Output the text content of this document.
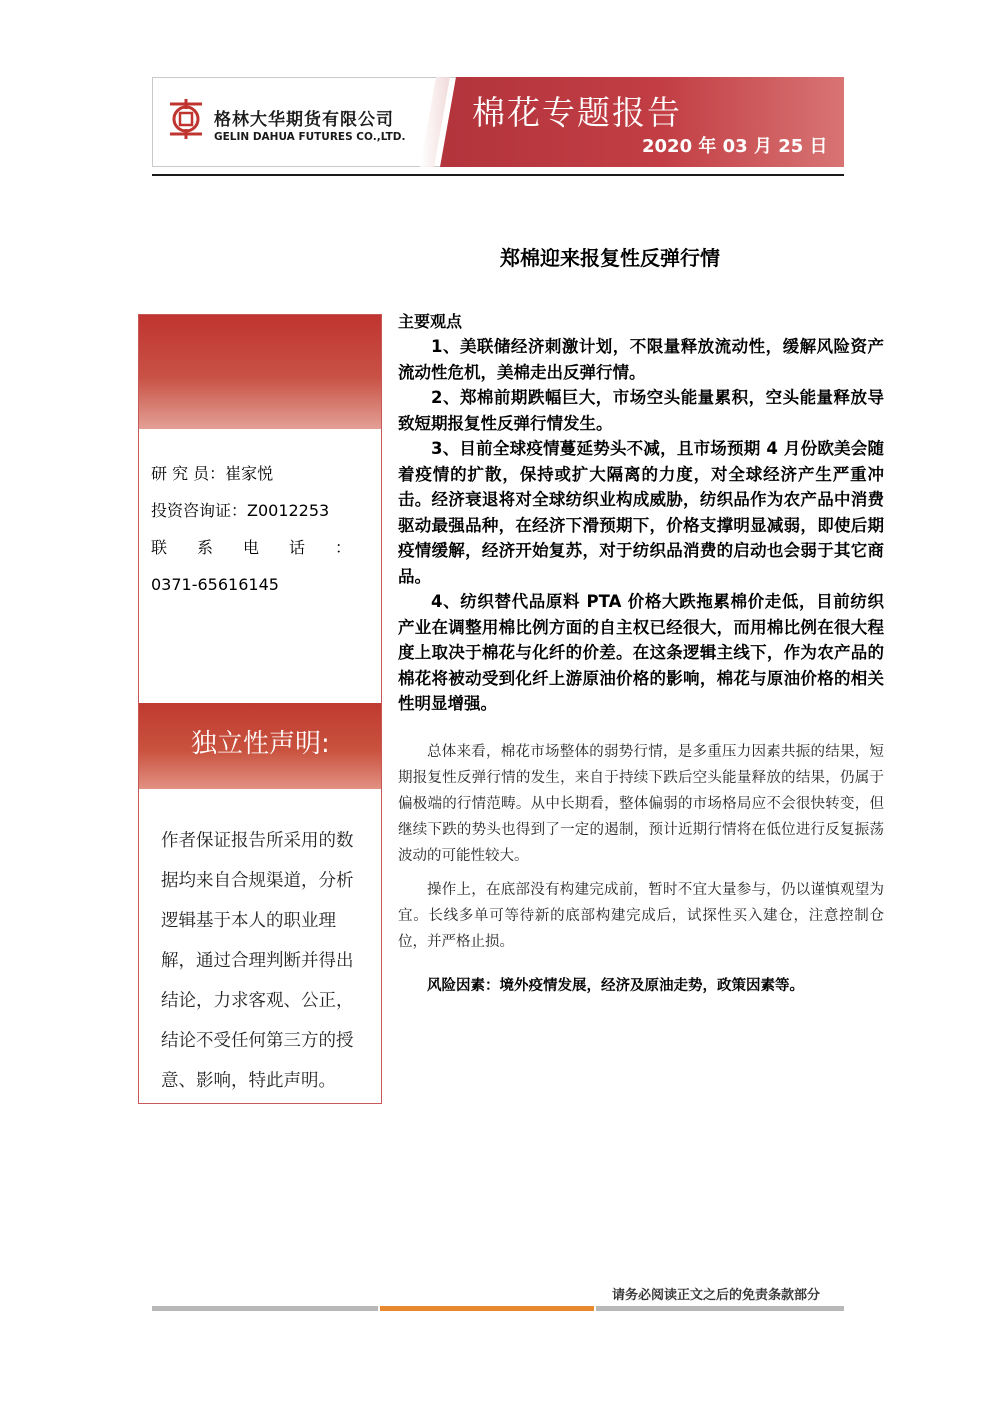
格林大华期货有限公司
GELIN DAHUA FUTURES CO.,LTD.
棉花专题报告
2020 年 03 月 25 日
郑棉迎来报复性反弹行情
研 究 员：崔家悦
投资咨询证：Z0012253
联 系 电 话 ：
0371-65616145
独立性声明:
作者保证报告所采用的数据均来自合规渠道，分析逻辑基于本人的职业理解，通过合理判断并得出结论，力求客观、公正，结论不受任何第三方的授意、影响，特此声明。

主要观点

1、美联储经济刺激计划，不限量释放流动性，缓解风险资产流动性危机，美棉走出反弹行情。

2、郑棉前期跌幅巨大，市场空头能量累积，空头能量释放导致短期报复性反弹行情发生。

3、目前全球疫情蔓延势头不减，且市场预期 4 月份欧美会随着疫情的扩散，保持或扩大隔离的力度，对全球经济产生严重冲击。经济衰退将对全球纺织业构成威胁，纺织品作为农产品中消费驱动最强品种，在经济下滑预期下，价格支撑明显减弱，即使后期疫情缓解，经济开始复苏，对于纺织品消费的启动也会弱于其它商品。

4、纺织替代品原料 PTA 价格大跌拖累棉价走低，目前纺织产业在调整用棉比例方面的自主权已经很大，而用棉比例在很大程度上取决于棉花与化纤的价差。在这条逻辑主线下，作为农产品的棉花将被动受到化纤上游原油价格的影响，棉花与原油价格的相关性明显增强。

总体来看，棉花市场整体的弱势行情，是多重压力因素共振的结果，短期报复性反弹行情的发生，来自于持续下跌后空头能量释放的结果，仍属于偏极端的行情范畴。从中长期看，整体偏弱的市场格局应不会很快转变，但继续下跌的势头也得到了一定的遏制，预计近期行情将在低位进行反复振荡波动的可能性较大。

操作上，在底部没有构建完成前，暂时不宜大量参与，仍以谨慎观望为宜。长线多单可等待新的底部构建完成后，试探性买入建仓，注意控制仓位，并严格止损。

风险因素：境外疫情发展，经济及原油走势，政策因素等。

请务必阅读正文之后的免责条款部分
